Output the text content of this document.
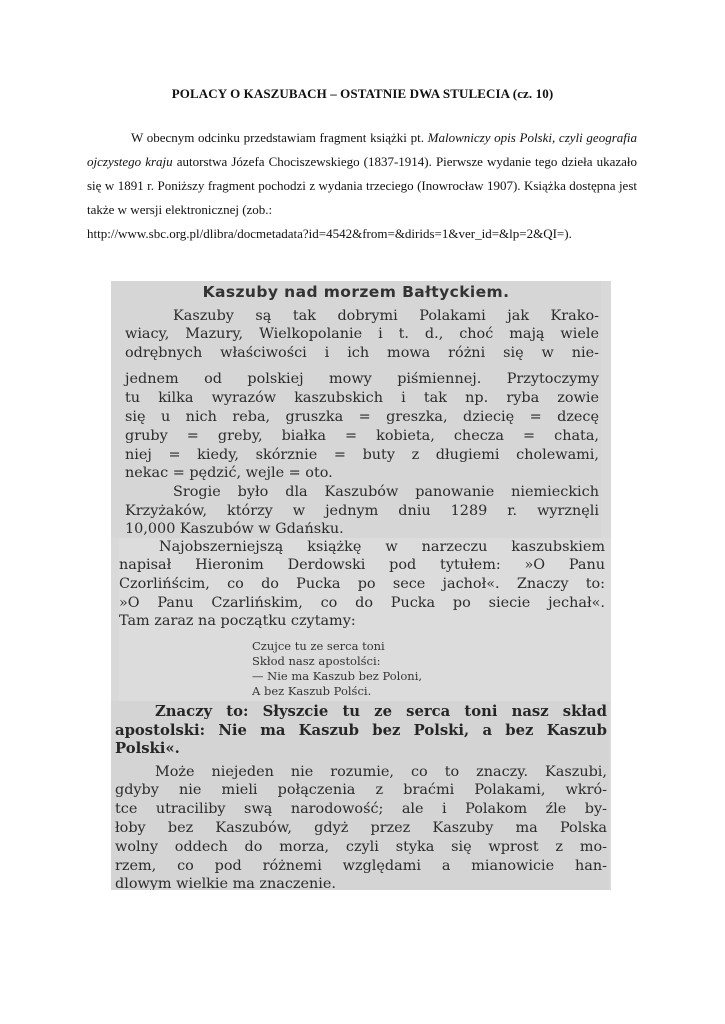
POLACY O KASZUBACH – OSTATNIE DWA STULECIA (cz. 10)

W obecnym odcinku przedstawiam fragment książki pt. Malowniczy opis Polski, czyli geografia ojczystego kraju autorstwa Józefa Chociszewskiego (1837-1914). Pierwsze wydanie tego dzieła ukazało się w 1891 r. Poniższy fragment pochodzi z wydania trzeciego (Inowrocław 1907). Książka dostępna jest także w wersji elektronicznej (zob.:
http://www.sbc.org.pl/dlibra/docmetadata?id=4542&from=&dirids=1&ver_id=&lp=2&QI=).

Kaszuby nad morzem Bałtyckiem.
Kaszuby są tak dobrymi Polakami jak Krako-
wiacy, Mazury, Wielkopolanie i t. d., choć mają wiele
odrębnych właściwości i ich mowa różni się w nie-
jednem od polskiej mowy piśmiennej. Przytoczymy
tu kilka wyrazów kaszubskich i tak np. ryba zowie
się u nich reba, gruszka = greszka, dziecię = dzecę
gruby = greby, białka = kobieta, checza = chata,
niej = kiedy, skórznie = buty z długiemi cholewami,
nekac = pędzić, wejle = oto.
Srogie było dla Kaszubów panowanie niemieckich
Krzyżaków, którzy w jednym dniu 1289 r. wyrznęli
10,000 Kaszubów w Gdańsku.
Najobszerniejszą książkę w narzeczu kaszubskiem
napisał Hieronim Derdowski pod tytułem: »O Panu
Czorlińścim, co do Pucka po sece jachoł«. Znaczy to:
»O Panu Czarlińskim, co do Pucka po siecie jechał«.
Tam zaraz na początku czytamy:
Czujce tu ze serca toni
Skłod nasz apostolści:
— Nie ma Kaszub bez Poloni,
A bez Kaszub Polści.
Znaczy to: Słyszcie tu ze serca toni nasz skład
apostolski: Nie ma Kaszub bez Polski, a bez Kaszub
Polski«.
Może niejeden nie rozumie, co to znaczy. Kaszubi,
gdyby nie mieli połączenia z braćmi Polakami, wkró-
tce utraciliby swą narodowość; ale i Polakom źle by-
łoby bez Kaszubów, gdyż przez Kaszuby ma Polska
wolny oddech do morza, czyli styka się wprost z mo-
rzem, co pod różnemi względami a mianowicie han-
dlowym wielkie ma znaczenie.
